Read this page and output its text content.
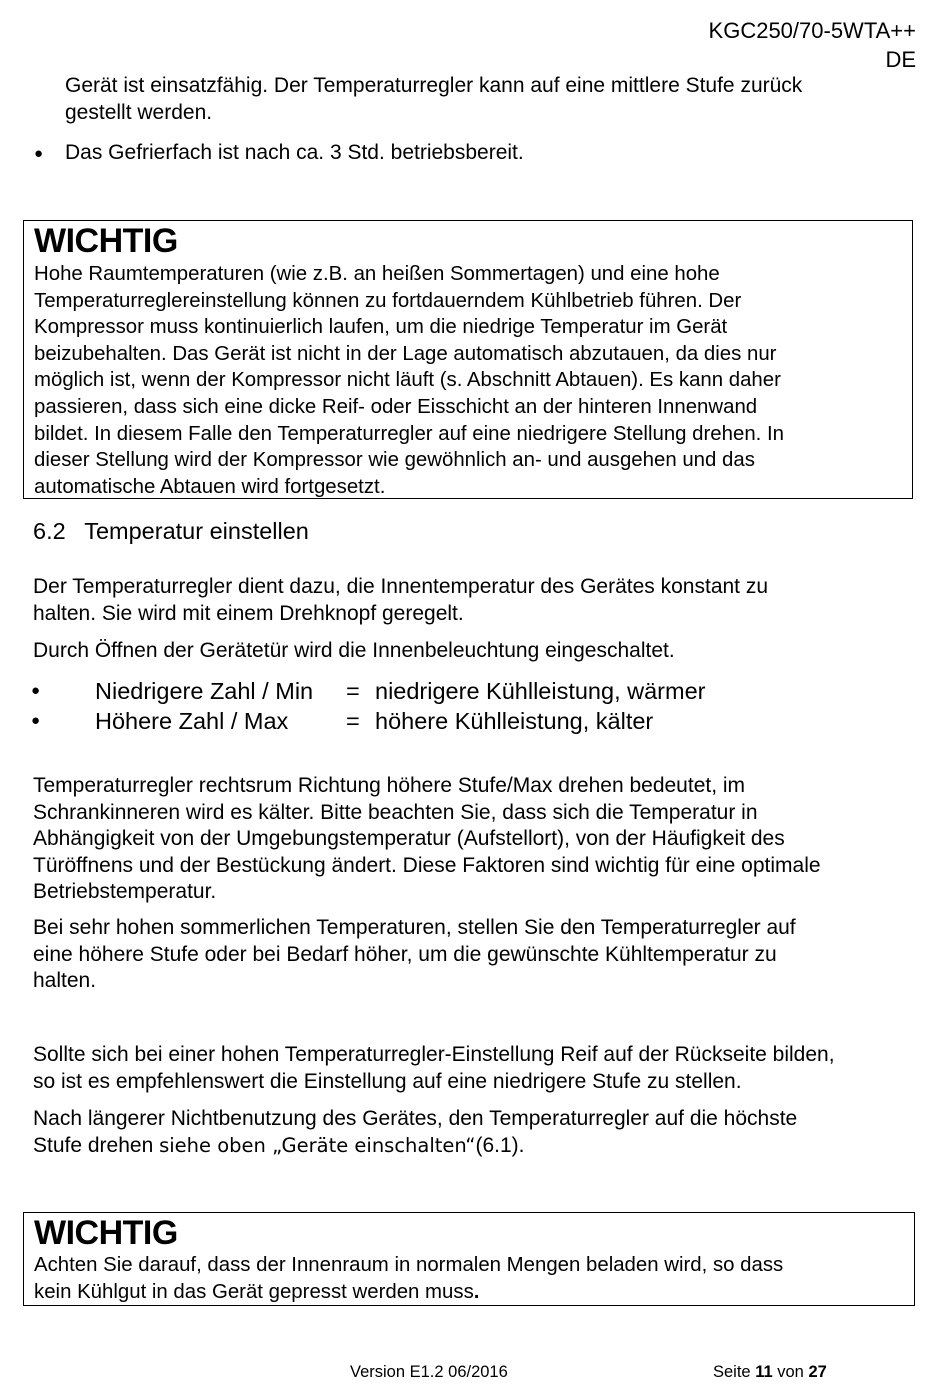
KGC250/70-5WTA++
DE
Gerät ist einsatzfähig. Der Temperaturregler kann auf eine mittlere Stufe zurück
gestellt werden.
● Das Gefrierfach ist nach ca. 3 Std. betriebsbereit.
WICHTIG
Hohe Raumtemperaturen (wie z.B. an heißen Sommertagen) und eine hohe
Temperaturreglereinstellung können zu fortdauerndem Kühlbetrieb führen. Der
Kompressor muss kontinuierlich laufen, um die niedrige Temperatur im Gerät
beizubehalten. Das Gerät ist nicht in der Lage automatisch abzutauen, da dies nur
möglich ist, wenn der Kompressor nicht läuft (s. Abschnitt Abtauen). Es kann daher
passieren, dass sich eine dicke Reif- oder Eisschicht an der hinteren Innenwand
bildet. In diesem Falle den Temperaturregler auf eine niedrigere Stellung drehen. In
dieser Stellung wird der Kompressor wie gewöhnlich an- und ausgehen und das
automatische Abtauen wird fortgesetzt.
6.2 Temperatur einstellen
Der Temperaturregler dient dazu, die Innentemperatur des Gerätes konstant zu
halten. Sie wird mit einem Drehknopf geregelt.
Durch Öffnen der Gerätetür wird die Innenbeleuchtung eingeschaltet.
● Niedrigere Zahl / Min = niedrigere Kühlleistung, wärmer
● Höhere Zahl / Max = höhere Kühlleistung, kälter
Temperaturregler rechtsrum Richtung höhere Stufe/Max drehen bedeutet, im
Schrankinneren wird es kälter. Bitte beachten Sie, dass sich die Temperatur in
Abhängigkeit von der Umgebungstemperatur (Aufstellort), von der Häufigkeit des
Türöffnens und der Bestückung ändert. Diese Faktoren sind wichtig für eine optimale
Betriebstemperatur.
Bei sehr hohen sommerlichen Temperaturen, stellen Sie den Temperaturregler auf
eine höhere Stufe oder bei Bedarf höher, um die gewünschte Kühltemperatur zu
halten.
Sollte sich bei einer hohen Temperaturregler-Einstellung Reif auf der Rückseite bilden,
so ist es empfehlenswert die Einstellung auf eine niedrigere Stufe zu stellen.
Nach längerer Nichtbenutzung des Gerätes, den Temperaturregler auf die höchste
Stufe drehen siehe oben „Geräte einschalten“(6.1).
WICHTIG
Achten Sie darauf, dass der Innenraum in normalen Mengen beladen wird, so dass
kein Kühlgut in das Gerät gepresst werden muss.
Version E1.2 06/2016	Seite 11 von 27
